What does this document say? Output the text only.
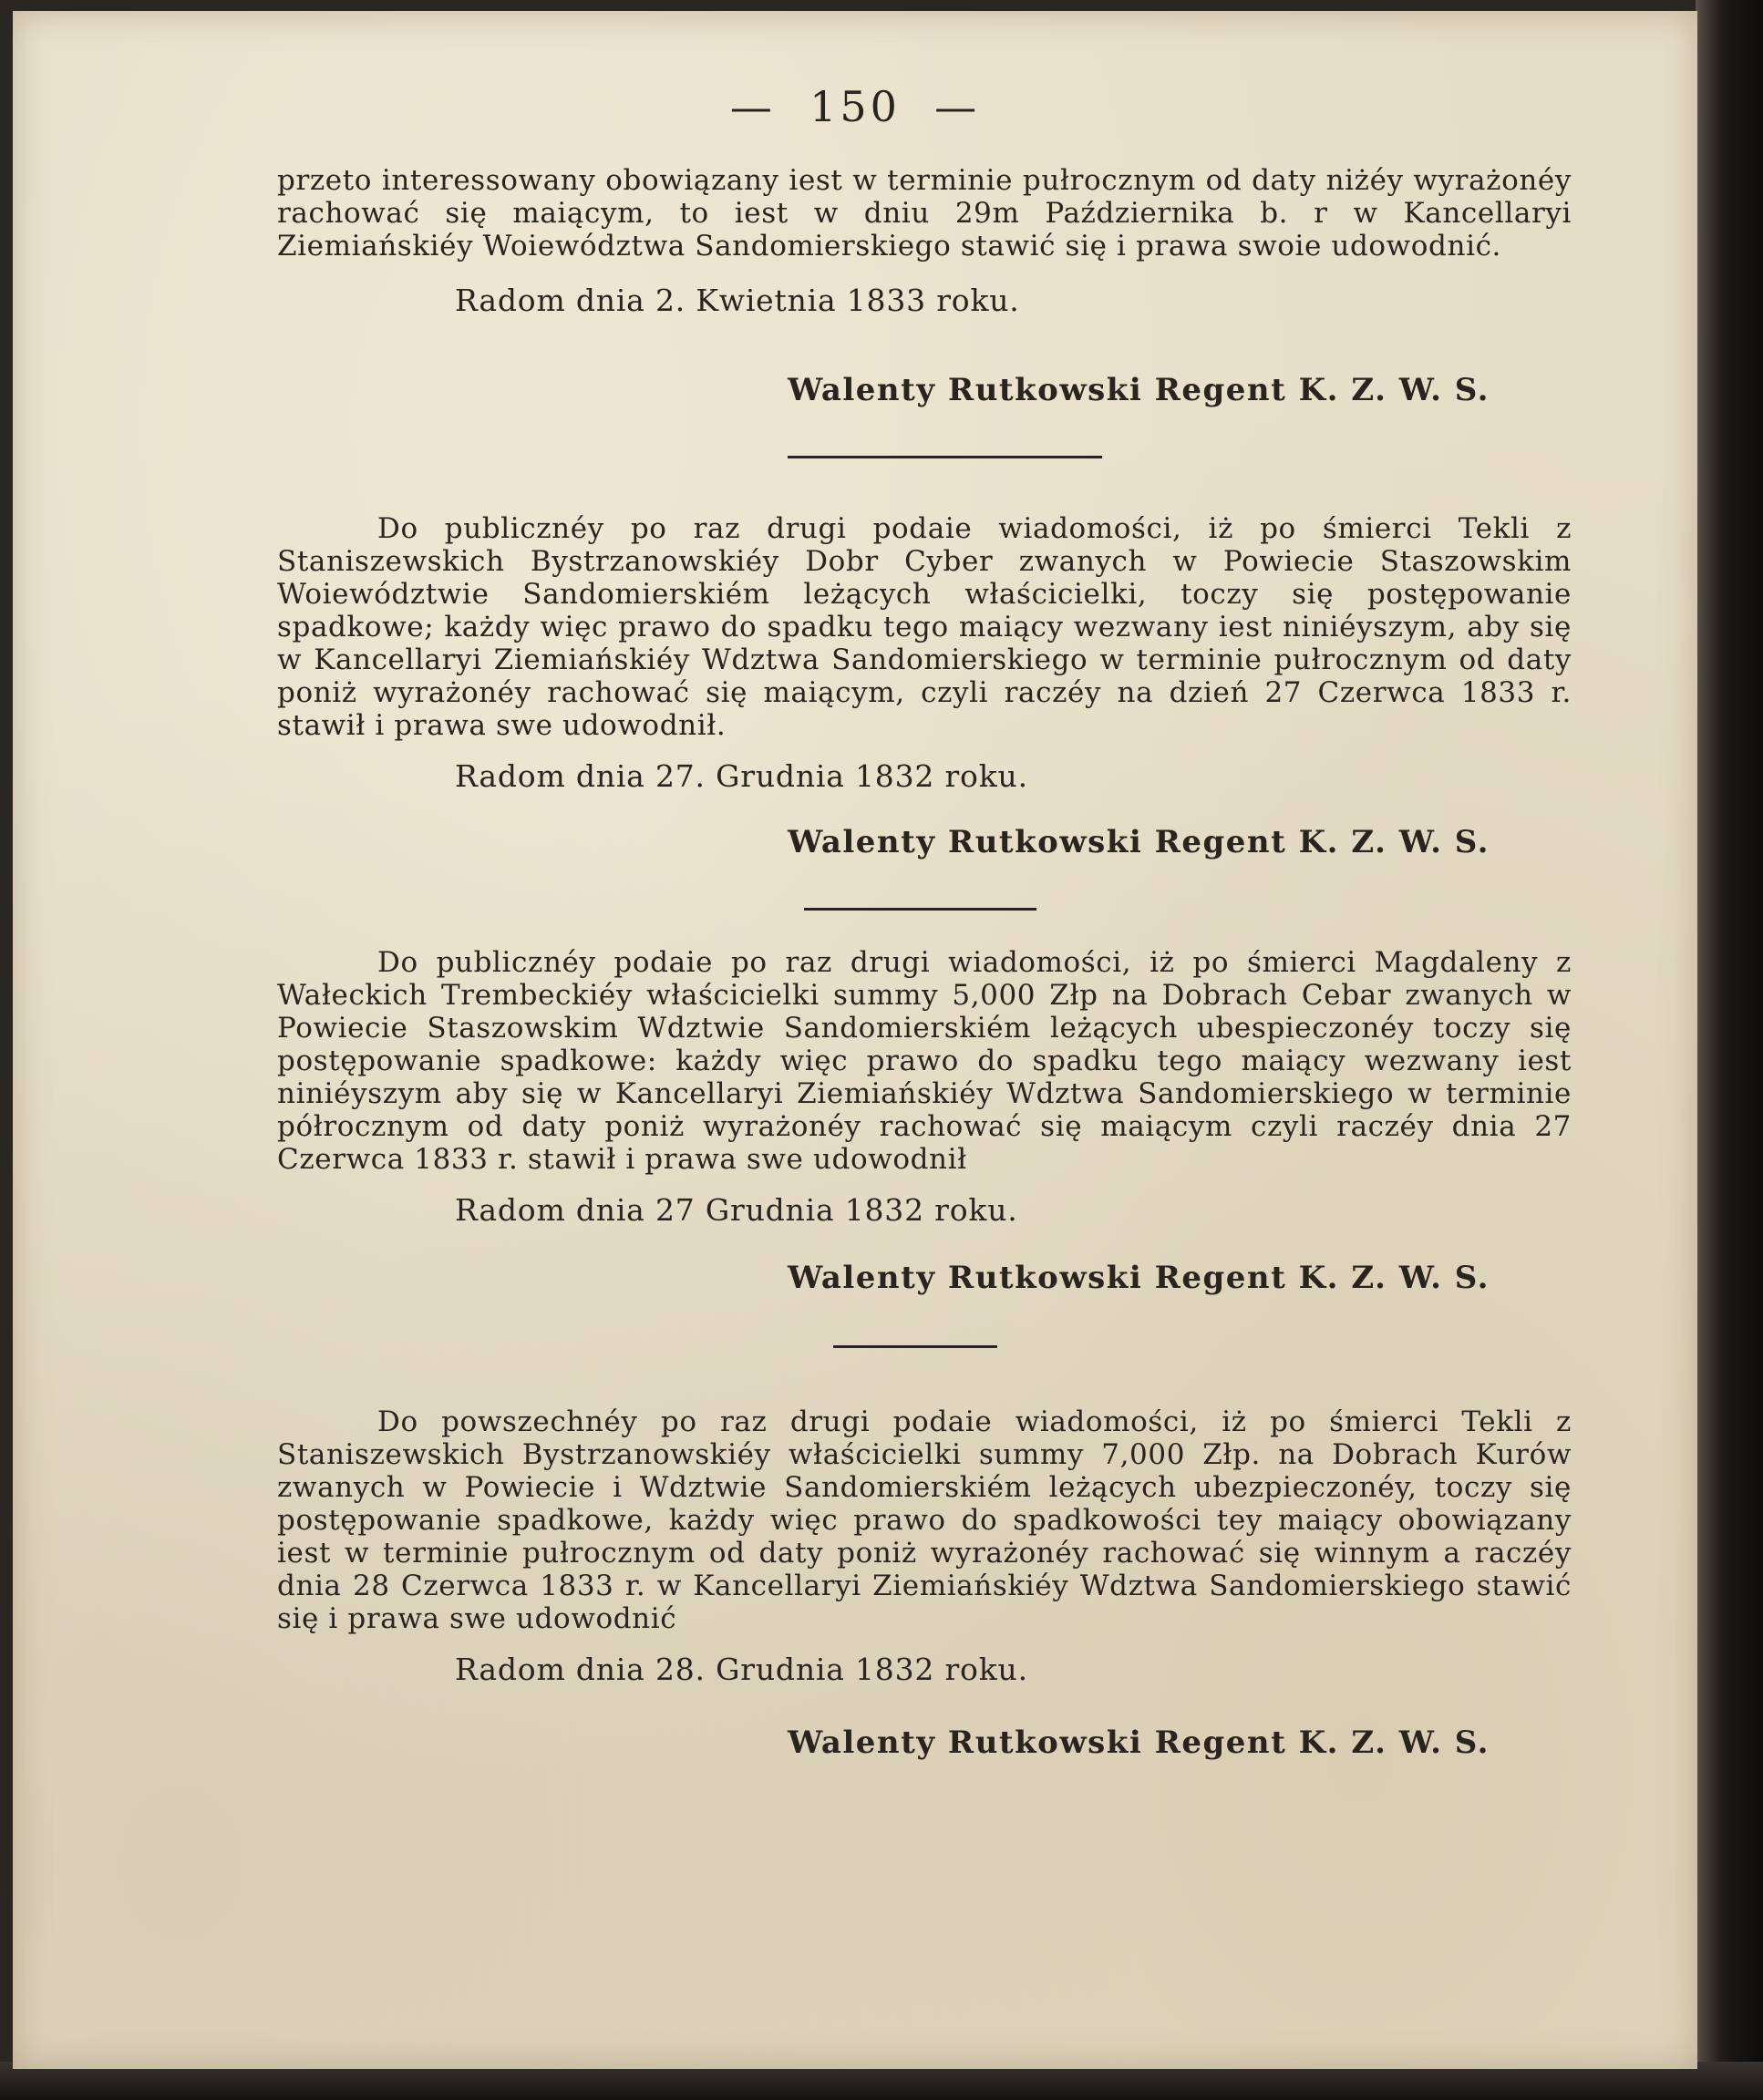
—  150  —

przeto interessowany obowiązany iest w terminie pułrocznym od daty niżéy wyrażonéy rachować się maiącym, to iest w dniu 29m Października b. r w Kancellaryi Ziemiańskiéy Woiewództwa Sandomierskiego stawić się i prawa swoie udowodnić.

Radom dnia 2. Kwietnia 1833 roku.

Walenty Rutkowski Regent K. Z. W. S.

Do publicznéy po raz drugi podaie wiadomości, iż po śmierci Tekli z Staniszewskich Bystrzanowskiéy Dobr Cyber zwanych w Powiecie Staszowskim Woiewództwie Sandomierskiém leżących właścicielki, toczy się postępowanie spadkowe; każdy więc prawo do spadku tego maiący wezwany iest niniéyszym, aby się w Kancellaryi Ziemiańskiéy Wdztwa Sandomierskiego w terminie pułrocznym od daty poniż wyrażonéy rachować się maiącym, czyli raczéy na dzień 27 Czerwca 1833 r. stawił i prawa swe udowodnił.

Radom dnia 27. Grudnia 1832 roku.

Walenty Rutkowski Regent K. Z. W. S.

Do publicznéy podaie po raz drugi wiadomości, iż po śmierci Magdaleny z Wałeckich Trembeckiéy właścicielki summy 5,000 Złp na Dobrach Cebar zwanych w Powiecie Staszowskim Wdztwie Sandomierskiém leżących ubespieczonéy toczy się postępowanie spadkowe: każdy więc prawo do spadku tego maiący wezwany iest niniéyszym aby się w Kancellaryi Ziemiańskiéy Wdztwa Sandomierskiego w terminie półrocznym od daty poniż wyrażonéy rachować się maiącym czyli raczéy dnia 27 Czerwca 1833 r. stawił i prawa swe udowodnił

Radom dnia 27 Grudnia 1832 roku.

Walenty Rutkowski Regent K. Z. W. S.

Do powszechnéy po raz drugi podaie wiadomości, iż po śmierci Tekli z Staniszewskich Bystrzanowskiéy właścicielki summy 7,000 Złp. na Dobrach Kurów zwanych w Powiecie i Wdztwie Sandomierskiém leżących ubezpieczonéy, toczy się postępowanie spadkowe, każdy więc prawo do spadkowości tey maiący obowiązany iest w terminie pułrocznym od daty poniż wyrażonéy rachować się winnym a raczéy dnia 28 Czerwca 1833 r. w Kancellaryi Ziemiańskiéy Wdztwa Sandomierskiego stawić się i prawa swe udowodnić

Radom dnia 28. Grudnia 1832 roku.

Walenty Rutkowski Regent K. Z. W. S.
